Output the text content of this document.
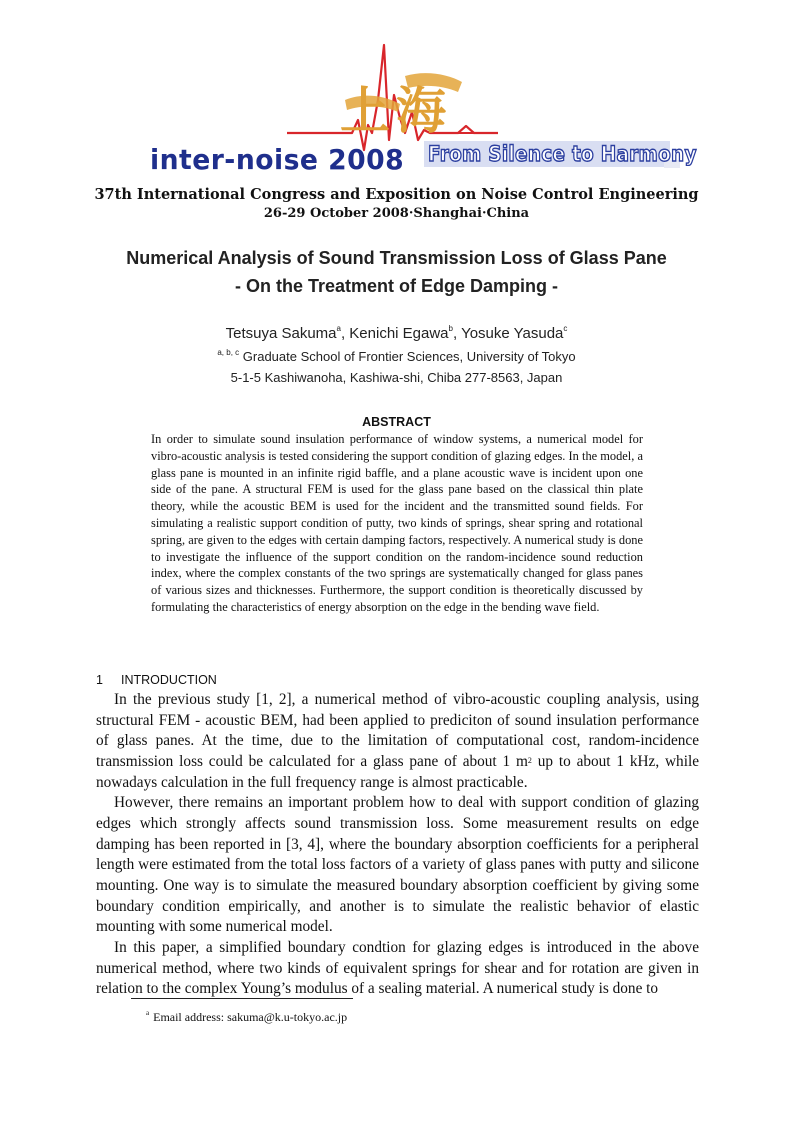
上海
inter-noise 2008 From Silence to Harmony
37th International Congress and Exposition on Noise Control Engineering
26-29 October 2008·Shanghai·China
Numerical Analysis of Sound Transmission Loss of Glass Pane
- On the Treatment of Edge Damping -
Tetsuya Sakuma$^a$, Kenichi Egawa$^b$, Yosuke Yasuda$^c$
$^{a, b, c}$ Graduate School of Frontier Sciences, University of Tokyo
5-1-5 Kashiwanoha, Kashiwa-shi, Chiba 277-8563, Japan
ABSTRACT

In order to simulate sound insulation performance of window systems, a numerical model for vibro-acoustic analysis is tested considering the support condition of glazing edges. In the model, a glass pane is mounted in an infinite rigid baffle, and a plane acoustic wave is incident upon one side of the pane. A structural FEM is used for the glass pane based on the classical thin plate theory, while the acoustic BEM is used for the incident and the transmitted sound fields. For simulating a realistic support condition of putty, two kinds of springs, shear spring and rotational spring, are given to the edges with certain damping factors, respectively. A numerical study is done to investigate the influence of the support condition on the random-incidence sound reduction index, where the complex constants of the two springs are systematically changed for glass panes of various sizes and thicknesses. Furthermore, the support condition is theoretically discussed by formulating the characteristics of energy absorption on the edge in the bending wave field.

1 INTRODUCTION

In the previous study [1, 2], a numerical method of vibro-acoustic coupling analysis, using structural FEM - acoustic BEM, had been applied to prediciton of sound insulation performance of glass panes. At the time, due to the limitation of computational cost, random-incidence transmission loss could be calculated for a glass pane of about 1 $m^2$ up to about 1 kHz, while nowadays calculation in the full frequency range is almost practicable.

However, there remains an important problem how to deal with support condition of glazing edges which strongly affects sound transmission loss. Some measurement results on edge damping has been reported in [3, 4], where the boundary absorption coefficients for a peripheral length were estimated from the total loss factors of a variety of glass panes with putty and silicone mounting. One way is to simulate the measured boundary absorption coefficient by giving some boundary condition empirically, and another is to simulate the realistic behavior of elastic mounting with some numerical model.

In this paper, a simplified boundary condtion for glazing edges is introduced in the above numerical method, where two kinds of equivalent springs for shear and for rotation are given in relation to the complex Young’s modulus of a sealing material. A numerical study is done to

$^a$ Email address: sakuma@k.u-tokyo.ac.jp
